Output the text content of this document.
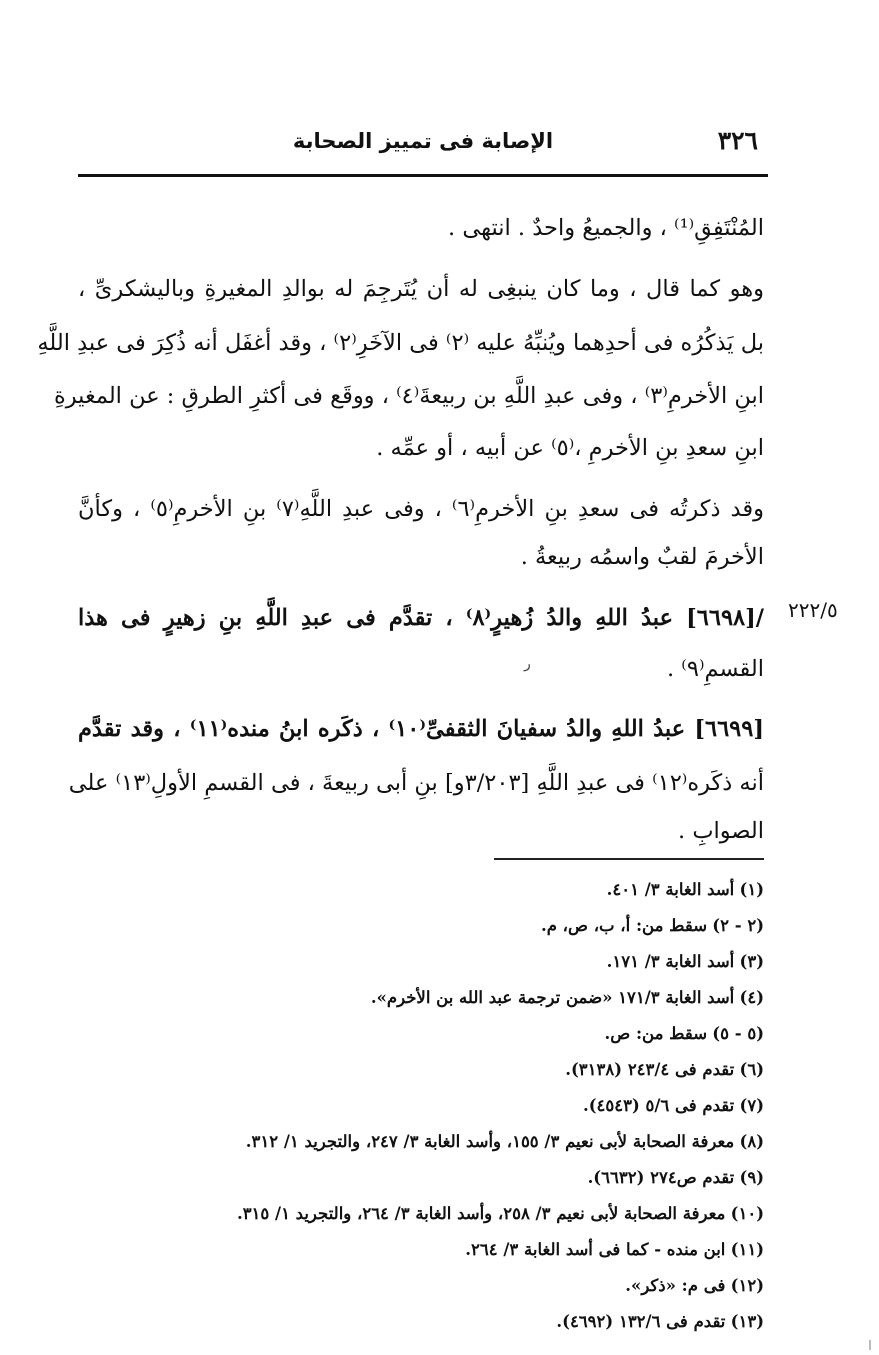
٣٢٦
الإصابة فى تمييز الصحابة
٢٢٢/٥
ر
المُنْتَفِقِ⁽¹⁾ ، والجميعُ واحدٌ . انتهى .
وهو كما قال ، وما كان ينبغِى له أن يُتَرجِمَ له بوالدِ المغيرةِ وباليشكرىِّ ،
بل يَذكُرُه فى أحدِهما ويُنبِّهُ عليه ⁽٢⁾ فى الآخَرِ⁽٢⁾ ، وقد أغفَل أنه ذُكِرَ فى عبدِ اللَّهِ
ابنِ الأخرمِ⁽٣⁾ ، وفى عبدِ اللَّهِ بن ربيعةَ⁽٤⁾ ، ووقَع فى أكثرِ الطرقِ : عن المغيرةِ
ابنِ سعدِ بنِ الأخرمِ ،⁽٥⁾ عن أبيه ، أو عمِّه .
وقد ذكرتُه فى سعدِ بنِ الأخرمِ⁽٦⁾ ، وفى عبدِ اللَّهِ⁽٧⁾ بنِ الأخرمِ⁽٥⁾ ، وكأنَّ
الأخرمَ لقبٌ واسمُه ربيعةُ .
/[٦٦٩٨] عبدُ اللهِ والدُ زُهيرٍ⁽٨⁾ ، تقدَّم فى عبدِ اللَّهِ بنِ زهيرٍ فى هذا
القسمِ⁽٩⁾ .
[٦٦٩٩] عبدُ اللهِ والدُ سفيانَ الثقفىِّ⁽١٠⁾ ، ذكَره ابنُ منده⁽١١⁾ ، وقد تقدَّم
أنه ذكَره⁽١٢⁾ فى عبدِ اللَّهِ [٣/٢٠٣و] بنِ أبى ربيعةَ ، فى القسمِ الأولِ⁽١٣⁾ على
الصوابِ .
(١) أسد الغابة ٣/ ٤٠١.
(٢ - ٢) سقط من: أ، ب، ص، م.
(٣) أسد الغابة ٣/ ١٧١.
(٤) أسد الغابة ١٧١/٣ «ضمن ترجمة عبد الله بن الأخرم».
(٥ - ٥) سقط من: ص.
(٦) تقدم فى ٢٤٣/٤ (٣١٣٨).
(٧) تقدم فى ٥/٦ (٤٥٤٣).
(٨) معرفة الصحابة لأبى نعيم ٣/ ١٥٥، وأسد الغابة ٣/ ٢٤٧، والتجريد ١/ ٣١٢.
(٩) تقدم ص٢٧٤ (٦٦٣٢).
(١٠) معرفة الصحابة لأبى نعيم ٣/ ٢٥٨، وأسد الغابة ٣/ ٢٦٤، والتجريد ١/ ٣١٥.
(١١) ابن منده - كما فى أسد الغابة ٣/ ٢٦٤.
(١٢) فى م: «ذكر».
(١٣) تقدم فى ١٣٢/٦ (٤٦٩٢).
